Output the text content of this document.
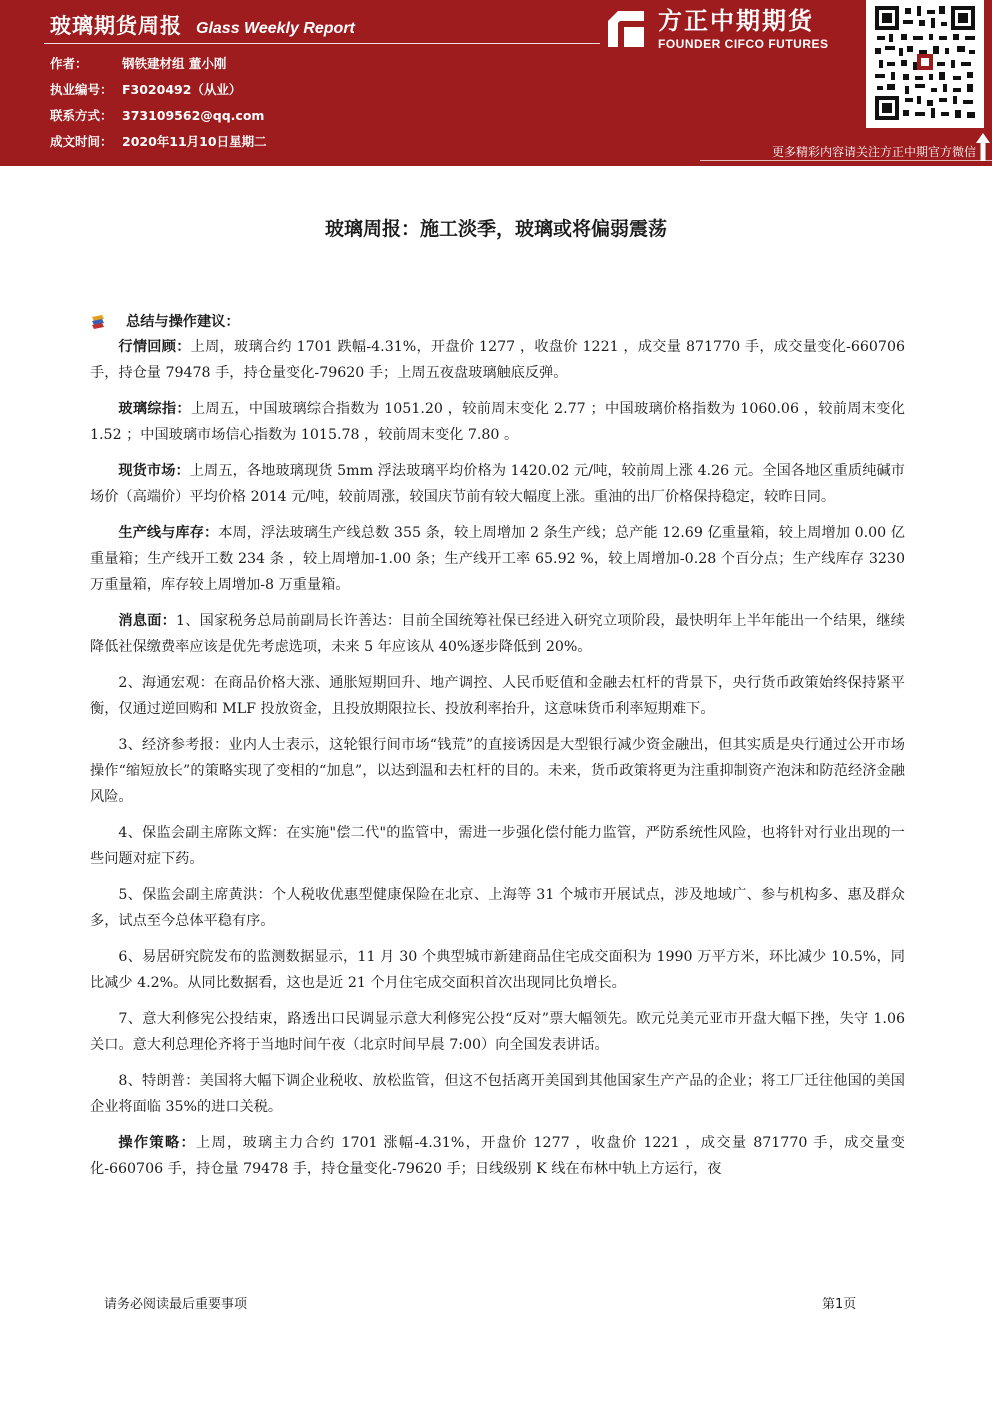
玻璃期货周报 Glass Weekly Report
作者：	钢铁建材组 董小刚
执业编号： F3020492（从业）
联系方式： 373109562@qq.com
成文时间： 2020年11月10日星期二
方正中期期货
FOUNDER CIFCO FUTURES
更多精彩内容请关注方正中期官方微信
玻璃周报：施工淡季，玻璃或将偏弱震荡
总结与操作建议：

行情回顾：上周，玻璃合约 1701 跌幅-4.31%，开盘价 1277 ，收盘价 1221 ，成交量 871770 手，成交量变化-660706 手，持仓量 79478 手，持仓量变化-79620 手；上周五夜盘玻璃触底反弹。

玻璃综指：上周五，中国玻璃综合指数为 1051.20 ，较前周末变化 2.77 ；中国玻璃价格指数为 1060.06 ，较前周末变化 1.52 ；中国玻璃市场信心指数为 1015.78 ，较前周末变化 7.80 。

现货市场：上周五，各地玻璃现货 5mm 浮法玻璃平均价格为 1420.02 元/吨，较前周上涨 4.26 元。全国各地区重质纯碱市场价（高端价）平均价格 2014 元/吨，较前周涨，较国庆节前有较大幅度上涨。重油的出厂价格保持稳定，较昨日同。

生产线与库存：本周，浮法玻璃生产线总数 355 条，较上周增加 2 条生产线；总产能 12.69 亿重量箱，较上周增加 0.00 亿重量箱；生产线开工数 234 条 ，较上周增加-1.00 条；生产线开工率 65.92 %，较上周增加-0.28 个百分点；生产线库存 3230 万重量箱，库存较上周增加-8 万重量箱。

消息面：1、国家税务总局前副局长许善达：目前全国统筹社保已经进入研究立项阶段，最快明年上半年能出一个结果，继续降低社保缴费率应该是优先考虑选项，未来 5 年应该从 40%逐步降低到 20%。

2、海通宏观：在商品价格大涨、通胀短期回升、地产调控、人民币贬值和金融去杠杆的背景下，央行货币政策始终保持紧平衡，仅通过逆回购和 MLF 投放资金，且投放期限拉长、投放利率抬升，这意味货币利率短期难下。

3、经济参考报：业内人士表示，这轮银行间市场“钱荒”的直接诱因是大型银行减少资金融出，但其实质是央行通过公开市场操作“缩短放长”的策略实现了变相的“加息”，以达到温和去杠杆的目的。未来，货币政策将更为注重抑制资产泡沫和防范经济金融风险。

4、保监会副主席陈文辉：在实施"偿二代"的监管中，需进一步强化偿付能力监管，严防系统性风险，也将针对行业出现的一些问题对症下药。

5、保监会副主席黄洪：个人税收优惠型健康保险在北京、上海等 31 个城市开展试点，涉及地域广、参与机构多、惠及群众多，试点至今总体平稳有序。

6、易居研究院发布的监测数据显示，11 月 30 个典型城市新建商品住宅成交面积为 1990 万平方米，环比减少 10.5%，同比减少 4.2%。从同比数据看，这也是近 21 个月住宅成交面积首次出现同比负增长。

7、意大利修宪公投结束，路透出口民调显示意大利修宪公投“反对”票大幅领先。欧元兑美元亚市开盘大幅下挫，失守 1.06 关口。意大利总理伦齐将于当地时间午夜（北京时间早晨 7:00）向全国发表讲话。

8、特朗普：美国将大幅下调企业税收、放松监管，但这不包括离开美国到其他国家生产产品的企业；将工厂迁往他国的美国企业将面临 35%的进口关税。

操作策略：上周，玻璃主力合约 1701 涨幅-4.31%，开盘价 1277 ，收盘价 1221 ，成交量 871770 手，成交量变化-660706 手，持仓量 79478 手，持仓量变化-79620 手；日线级别 K 线在布林中轨上方运行，夜

请务必阅读最后重要事项	第1页
